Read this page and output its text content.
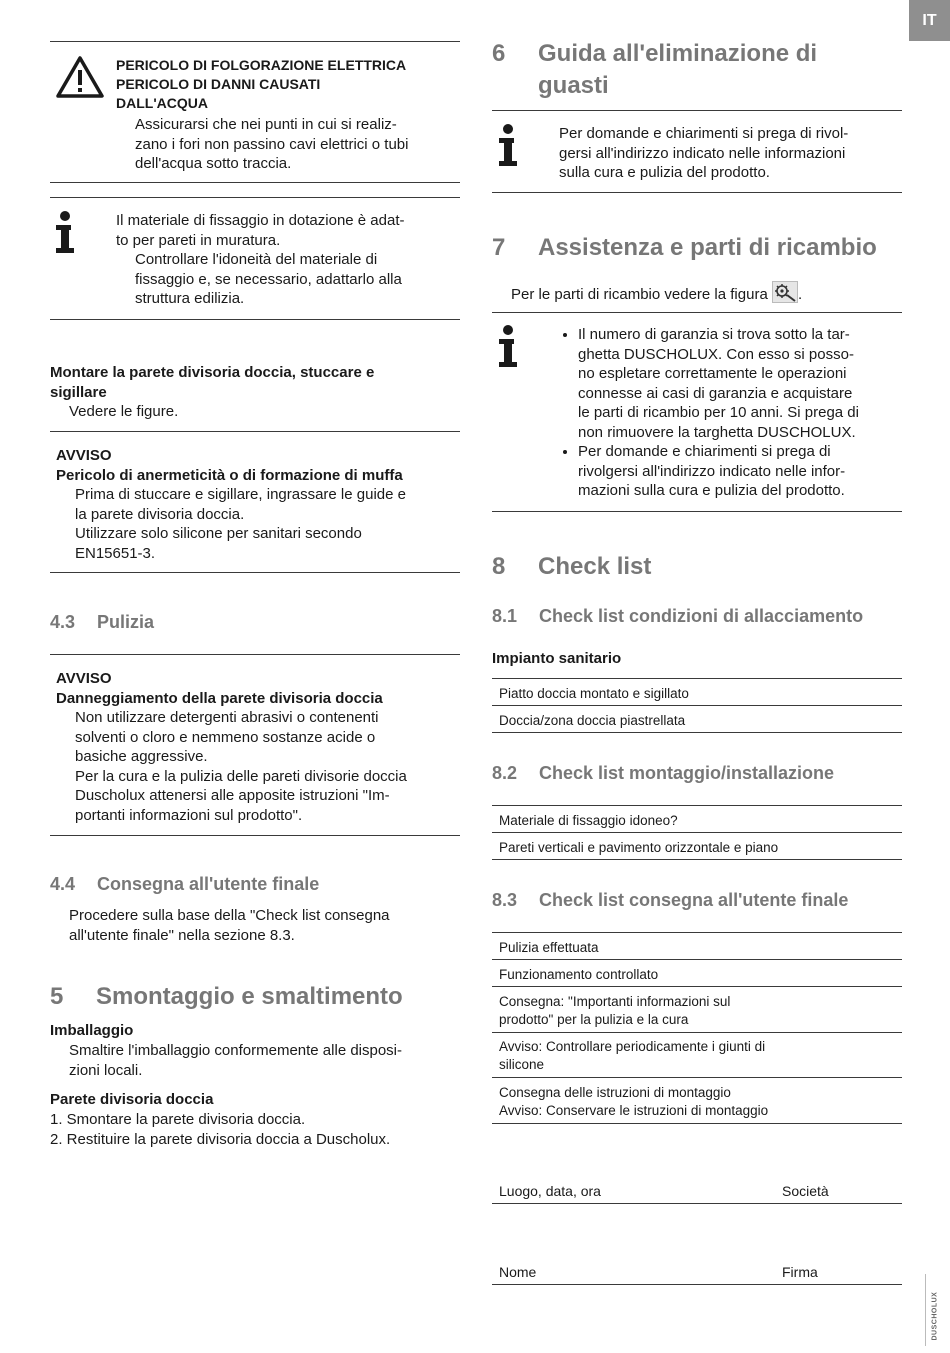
IT
PERICOLO DI FOLGORAZIONE ELETTRICA
PERICOLO DI DANNI CAUSATI
DALL'ACQUA
Assicurarsi che nei punti in cui si realiz-
zano i fori non passino cavi elettrici o tubi
dell'acqua sotto traccia.
Il materiale di fissaggio in dotazione è adat-
to per pareti in muratura.
Controllare l'idoneità del materiale di
fissaggio e, se necessario, adattarlo alla
struttura edilizia.
Montare la parete divisoria doccia, stuccare e
sigillare
Vedere le figure.
AVVISO
Pericolo di anermeticità o di formazione di muffa
Prima di stuccare e sigillare, ingrassare le guide e
la parete divisoria doccia.
Utilizzare solo silicone per sanitari secondo
EN15651-3.
4.3 Pulizia
AVVISO
Danneggiamento della parete divisoria doccia
Non utilizzare detergenti abrasivi o contenenti
solventi o cloro e nemmeno sostanze acide o
basiche aggressive.
Per la cura e la pulizia delle pareti divisorie doccia
Duscholux attenersi alle apposite istruzioni "Im-
portanti informazioni sul prodotto".
4.4 Consegna all'utente finale
Procedere sulla base della "Check list consegna
all'utente finale" nella sezione 8.3.
5 Smontaggio e smaltimento
Imballaggio
Smaltire l'imballaggio conformemente alle disposi-
zioni locali.
Parete divisoria doccia
1. Smontare la parete divisoria doccia.
2. Restituire la parete divisoria doccia a Duscholux.
6 Guida all'eliminazione di
guasti
Per domande e chiarimenti si prega di rivol-
gersi all'indirizzo indicato nelle informazioni
sulla cura e pulizia del prodotto.
7 Assistenza e parti di ricambio
Per le parti di ricambio vedere la figura .
• Il numero di garanzia si trova sotto la tar-
ghetta DUSCHOLUX. Con esso si posso-
no espletare correttamente le operazioni
connesse ai casi di garanzia e acquistare
le parti di ricambio per 10 anni. Si prega di
non rimuovere la targhetta DUSCHOLUX.
• Per domande e chiarimenti si prega di
rivolgersi all'indirizzo indicato nelle infor-
mazioni sulla cura e pulizia del prodotto.
8 Check list
8.1 Check list condizioni di allacciamento
Impianto sanitario
Piatto doccia montato e sigillato
Doccia/zona doccia piastrellata
8.2 Check list montaggio/installazione
Materiale di fissaggio idoneo?
Pareti verticali e pavimento orizzontale e piano
8.3 Check list consegna all'utente finale
Pulizia effettuata
Funzionamento controllato
Consegna: "Importanti informazioni sul
prodotto" per la pulizia e la cura
Avviso: Controllare periodicamente i giunti di
silicone
Consegna delle istruzioni di montaggio
Avviso: Conservare le istruzioni di montaggio
Luogo, data, ora	Società
Nome	Firma
DUSCHOLUX
